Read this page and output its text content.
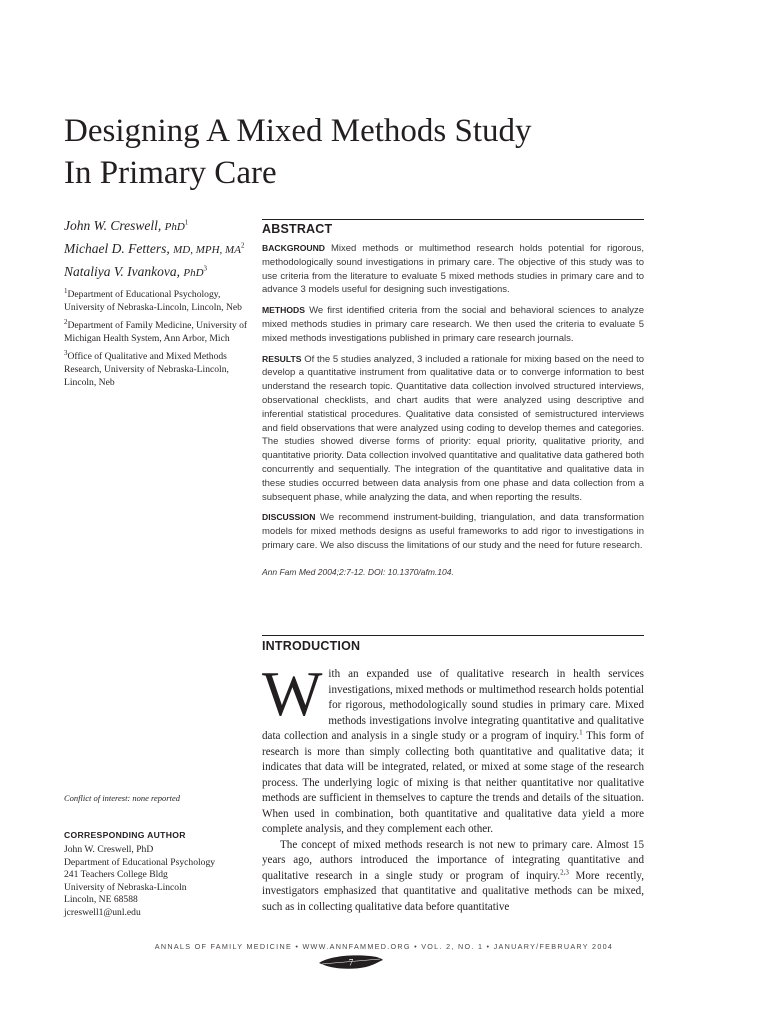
Designing A Mixed Methods Study
In Primary Care

John W. Creswell, PhD$^1$

Michael D. Fetters, MD, MPH, $MA^2$

Nataliya V. Ivankova, PhD$^3$

$^1$Department of Educational Psychology, University of Nebraska-Lincoln, Lincoln, Neb

$^2$Department of Family Medicine, University of Michigan Health System, Ann Arbor, Mich

$^3$Office of Qualitative and Mixed Methods Research, University of Nebraska-Lincoln, Lincoln, Neb

Conflict of interest: none reported
CORRESPONDING AUTHOR
John W. Creswell, PhD
Department of Educational Psychology
241 Teachers College Bldg
University of Nebraska-Lincoln
Lincoln, NE 68588
jcreswell1@unl.edu
ABSTRACT

BACKGROUND Mixed methods or multimethod research holds potential for rigorous, methodologically sound investigations in primary care. The objective of this study was to use criteria from the literature to evaluate 5 mixed methods studies in primary care and to advance 3 models useful for designing such investigations.

METHODS We first identified criteria from the social and behavioral sciences to analyze mixed methods studies in primary care research. We then used the criteria to evaluate 5 mixed methods investigations published in primary care research journals.

RESULTS Of the 5 studies analyzed, 3 included a rationale for mixing based on the need to develop a quantitative instrument from qualitative data or to converge information to best understand the research topic. Quantitative data collection involved structured interviews, observational checklists, and chart audits that were analyzed using descriptive and inferential statistical procedures. Qualitative data consisted of semistructured interviews and field observations that were analyzed using coding to develop themes and categories. The studies showed diverse forms of priority: equal priority, qualitative priority, and quantitative priority. Data collection involved quantitative and qualitative data gathered both concurrently and sequentially. The integration of the quantitative and qualitative data in these studies occurred between data analysis from one phase and data collection from a subsequent phase, while analyzing the data, and when reporting the results.

DISCUSSION We recommend instrument-building, triangulation, and data transformation models for mixed methods designs as useful frameworks to add rigor to investigations in primary care. We also discuss the limitations of our study and the need for future research.

Ann Fam Med 2004;2:7-12. DOI: 10.1370/afm.104.

INTRODUCTION

With an expanded use of qualitative research in health services investigations, mixed methods or multimethod research holds potential for rigorous, methodologically sound studies in primary care. Mixed methods investigations involve integrating quantitative and qualitative data collection and analysis in a single study or a program of inquiry.$^1$ This form of research is more than simply collecting both quantitative and qualitative data; it indicates that data will be integrated, related, or mixed at some stage of the research process. The underlying logic of mixing is that neither quantitative nor qualitative methods are sufficient in themselves to capture the trends and details of the situation. When used in combination, both quantitative and qualitative data yield a more complete analysis, and they complement each other.

The concept of mixed methods research is not new to primary care. Almost 15 years ago, authors introduced the importance of integrating quantitative and qualitative research in a single study or program of inquiry.$^{2,3}$ More recently, investigators emphasized that quantitative and qualitative methods can be mixed, such as in collecting qualitative data before quantitative

ANNALS OF FAMILY MEDICINE • WWW.ANNFAMMED.ORG • VOL. 2, NO. 1 • JANUARY/FEBRUARY 2004
7
